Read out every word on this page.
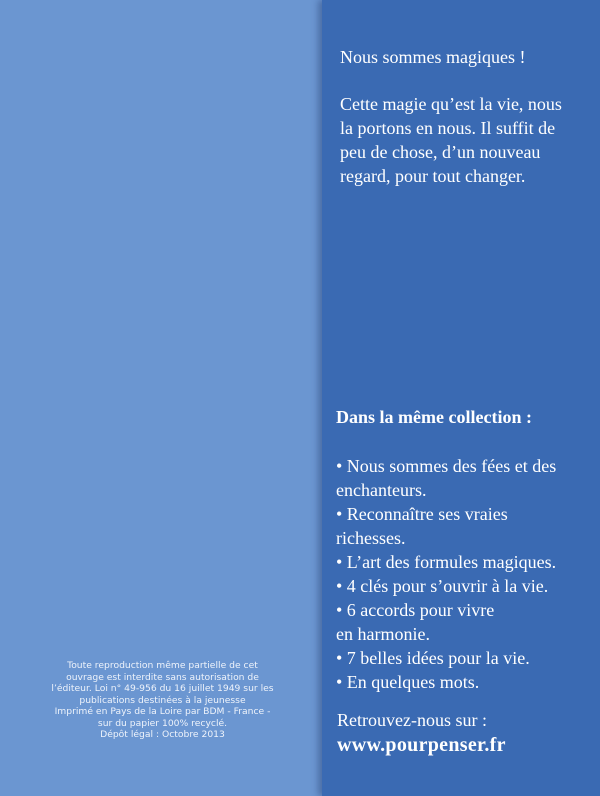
Toute reproduction même partielle de cet
ouvrage est interdite sans autorisation de
l’éditeur. Loi n° 49-956 du 16 juillet 1949 sur les
publications destinées à la jeunesse
Imprimé en Pays de la Loire par BDM - France -
sur du papier 100% recyclé.
Dépôt légal : Octobre 2013
Nous sommes magiques !
Cette magie qu’est la vie, nous
la portons en nous. Il suffit de
peu de chose, d’un nouveau
regard, pour tout changer.
Dans la même collection :
• Nous sommes des fées et des
enchanteurs.
• Reconnaître ses vraies
richesses.
• L’art des formules magiques.
• 4 clés pour s’ouvrir à la vie.
• 6 accords pour vivre
en harmonie.
• 7 belles idées pour la vie.
• En quelques mots.
Retrouvez-nous sur :
www.pourpenser.fr
